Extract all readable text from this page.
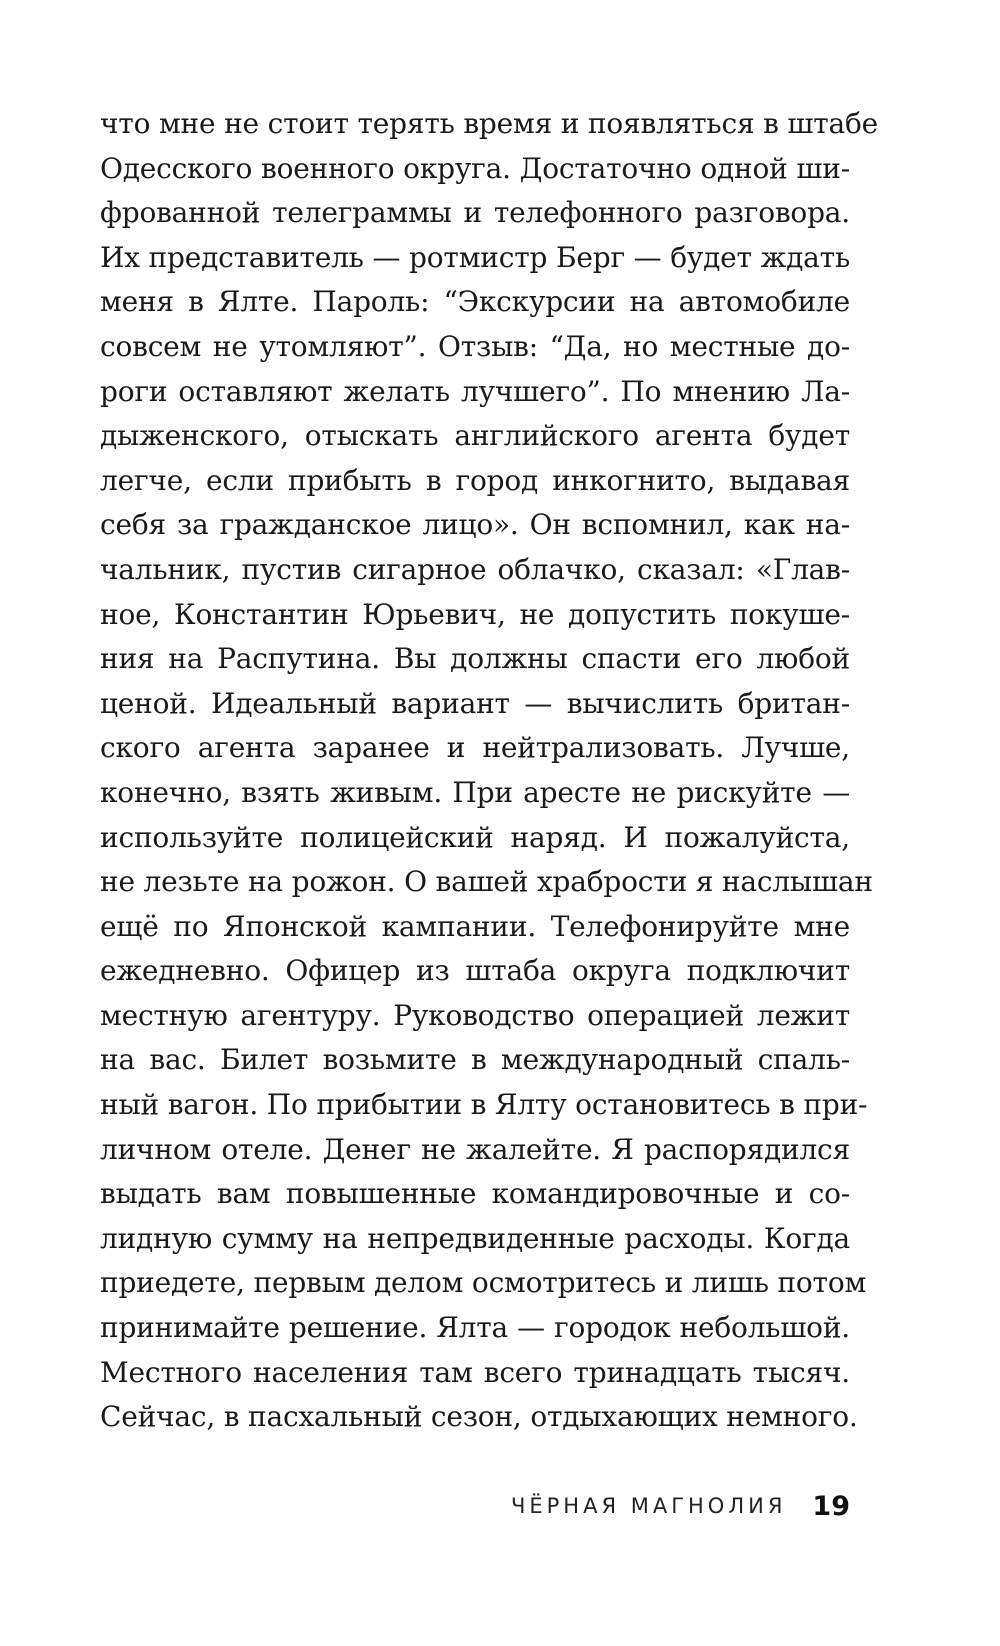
что мне не стоит терять время и появляться в штабе
Одесского военного округа. Достаточно одной ши-
фрованной телеграммы и телефонного разговора.
Их представитель — ротмистр Берг — будет ждать
меня в Ялте. Пароль: “Экскурсии на автомобиле
совсем не утомляют”. Отзыв: “Да, но местные до-
роги оставляют желать лучшего”. По мнению Ла-
дыженского, отыскать английского агента будет
легче, если прибыть в город инкогнито, выдавая
себя за гражданское лицо». Он вспомнил, как на-
чальник, пустив сигарное облачко, сказал: «Глав-
ное, Константин Юрьевич, не допустить покуше-
ния на Распутина. Вы должны спасти его любой
ценой. Идеальный вариант — вычислить британ-
ского агента заранее и нейтрализовать. Лучше,
конечно, взять живым. При аресте не рискуйте —
используйте полицейский наряд. И пожалуйста,
не лезьте на рожон. О вашей храбрости я наслышан
ещё по Японской кампании. Телефонируйте мне
ежедневно. Офицер из штаба округа подключит
местную агентуру. Руководство операцией лежит
на вас. Билет возьмите в международный спаль-
ный вагон. По прибытии в Ялту остановитесь в при-
личном отеле. Денег не жалейте. Я распорядился
выдать вам повышенные командировочные и со-
лидную сумму на непредвиденные расходы. Когда
приедете, первым делом осмотритесь и лишь потом
принимайте решение. Ялта — городок небольшой.
Местного населения там всего тринадцать тысяч.
Сейчас, в пасхальный сезон, отдыхающих немного.
ЧЁРНАЯ МАГНОЛИЯ 19
